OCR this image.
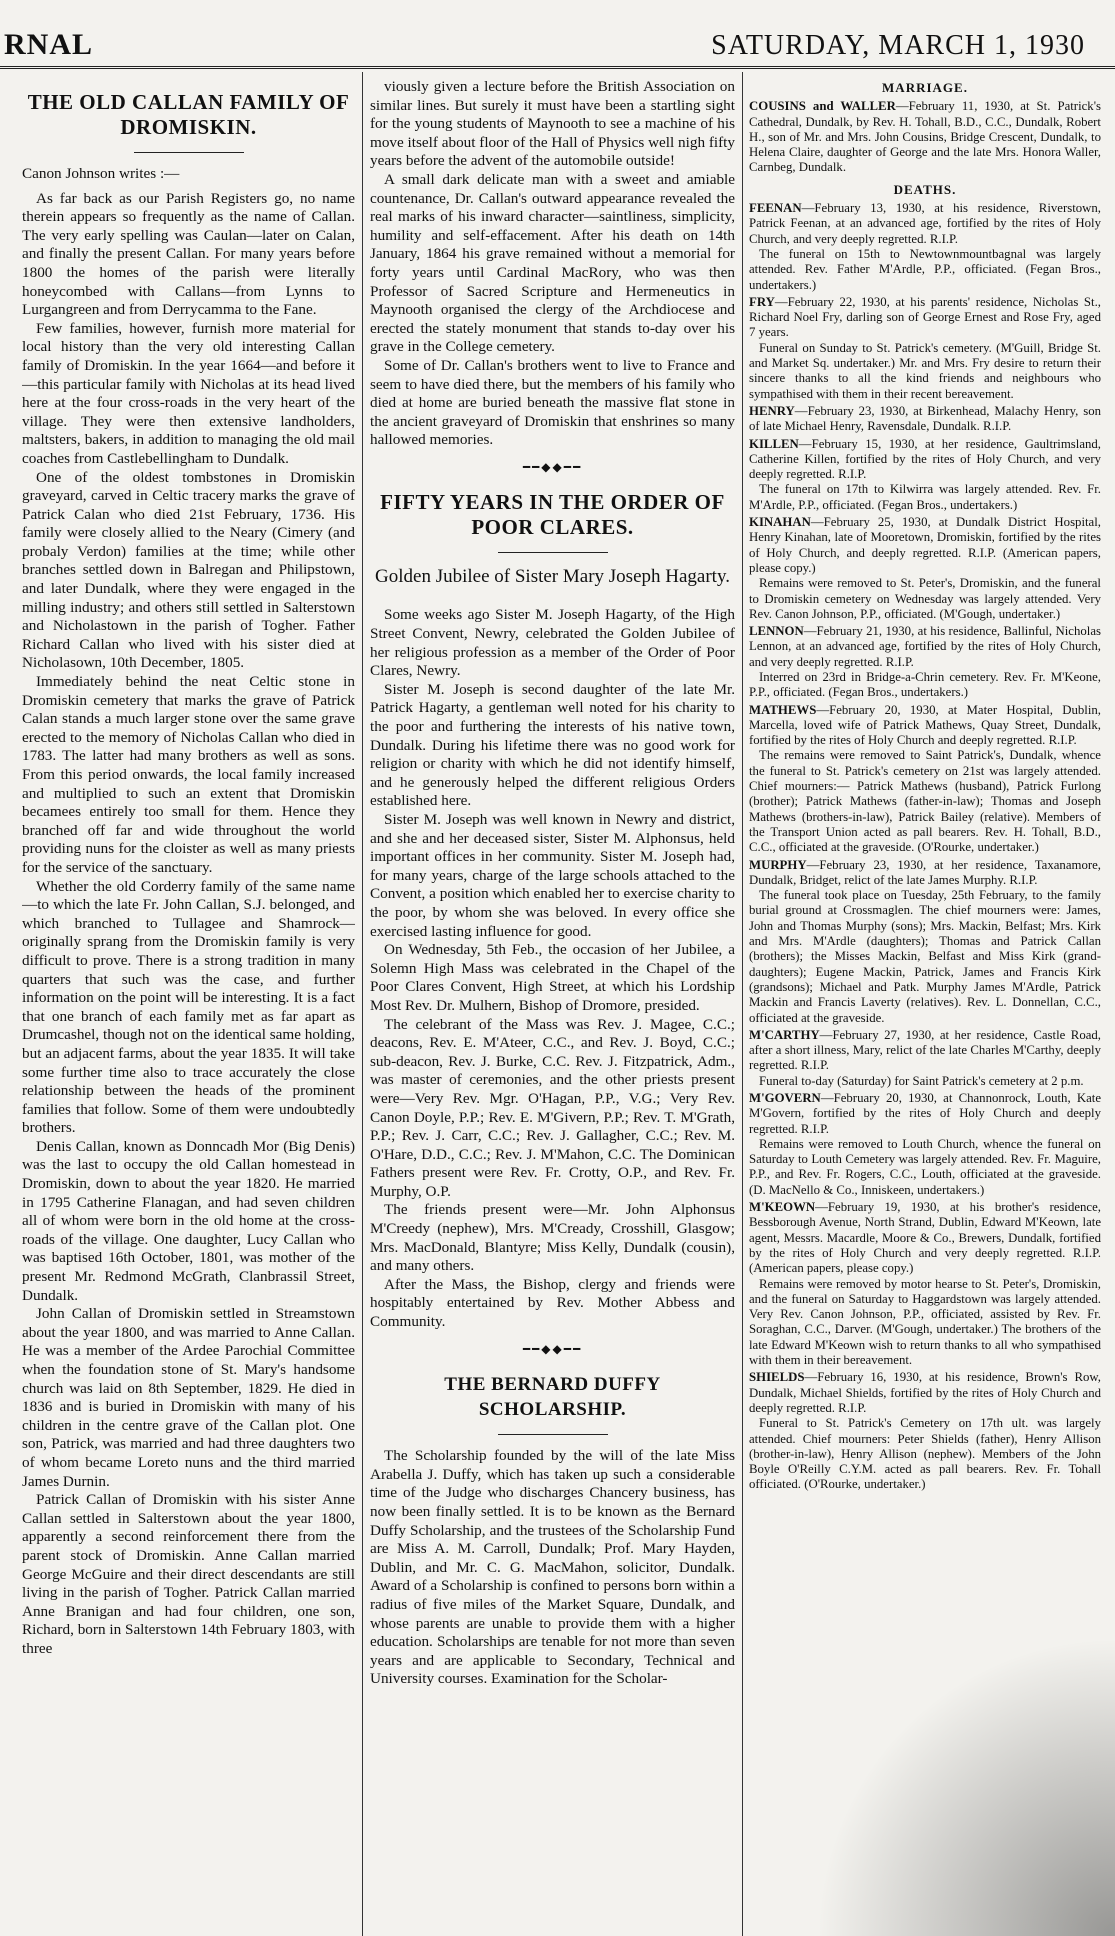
RNAL	SATURDAY, MARCH 1, 1930
THE OLD CALLAN FAMILY OF DROMISKIN.

Canon Johnson writes :—

As far back as our Parish Registers go, no name therein appears so frequently as the name of Callan. The very early spelling was Caulan—later on Calan, and finally the present Callan. For many years before 1800 the homes of the parish were literally honeycombed with Callans—from Lynns to Lurgangreen and from Derrycamma to the Fane.

Few families, however, furnish more material for local history than the very old interesting Callan family of Dromiskin. In the year 1664—and before it—this particular family with Nicholas at its head lived here at the four cross-roads in the very heart of the village. They were then extensive landholders, maltsters, bakers, in addition to managing the old mail coaches from Castlebellingham to Dundalk.

One of the oldest tombstones in Dromiskin graveyard, carved in Celtic tracery marks the grave of Patrick Calan who died 21st February, 1736. His family were closely allied to the Neary (Cimery (and probaly Verdon) families at the time; while other branches settled down in Balregan and Philipstown, and later Dundalk, where they were engaged in the milling industry; and others still settled in Salterstown and Nicholastown in the parish of Togher. Father Richard Callan who lived with his sister died at Nicholasown, 10th December, 1805.

Immediately behind the neat Celtic stone in Dromiskin cemetery that marks the grave of Patrick Calan stands a much larger stone over the same grave erected to the memory of Nicholas Callan who died in 1783. The latter had many brothers as well as sons. From this period onwards, the local family increased and multiplied to such an extent that Dromiskin becamees entirely too small for them. Hence they branched off far and wide throughout the world providing nuns for the cloister as well as many priests for the service of the sanctuary.

Whether the old Corderry family of the same name—to which the late Fr. John Callan, S.J. belonged, and which branched to Tullagee and Shamrock—originally sprang from the Dromiskin family is very difficult to prove. There is a strong tradition in many quarters that such was the case, and further information on the point will be interesting. It is a fact that one branch of each family met as far apart as Drumcashel, though not on the identical same holding, but an adjacent farms, about the year 1835. It will take some further time also to trace accurately the close relationship between the heads of the prominent families that follow. Some of them were undoubtedly brothers.

Denis Callan, known as Donncadh Mor (Big Denis) was the last to occupy the old Callan homestead in Dromiskin, down to about the year 1820. He married in 1795 Catherine Flanagan, and had seven children all of whom were born in the old home at the cross-roads of the village. One daughter, Lucy Callan who was baptised 16th October, 1801, was mother of the present Mr. Redmond McGrath, Clanbrassil Street, Dundalk.

John Callan of Dromiskin settled in Streamstown about the year 1800, and was married to Anne Callan. He was a member of the Ardee Parochial Committee when the foundation stone of St. Mary's handsome church was laid on 8th September, 1829. He died in 1836 and is buried in Dromiskin with many of his children in the centre grave of the Callan plot. One son, Patrick, was married and had three daughters two of whom became Loreto nuns and the third married James Durnin.

Patrick Callan of Dromiskin with his sister Anne Callan settled in Salterstown about the year 1800, apparently a second reinforcement there from the parent stock of Dromiskin. Anne Callan married George McGuire and their direct descendants are still living in the parish of Togher. Patrick Callan married Anne Branigan and had four children, one son, Richard, born in Salterstown 14th February 1803, with three

viously given a lecture before the British Association on similar lines. But surely it must have been a startling sight for the young students of Maynooth to see a machine of his move itself about floor of the Hall of Physics well nigh fifty years before the advent of the automobile outside!

A small dark delicate man with a sweet and amiable countenance, Dr. Callan's outward appearance revealed the real marks of his inward character—saintliness, simplicity, humility and self-effacement. After his death on 14th January, 1864 his grave remained without a memorial for forty years until Cardinal MacRory, who was then Professor of Sacred Scripture and Hermeneutics in Maynooth organised the clergy of the Archdiocese and erected the stately monument that stands to-day over his grave in the College cemetery.

Some of Dr. Callan's brothers went to live to France and seem to have died there, but the members of his family who died at home are buried beneath the massive flat stone in the ancient graveyard of Dromiskin that enshrines so many hallowed memories.

━━◆◆━━
FIFTY YEARS IN THE ORDER OF POOR CLARES.
Golden Jubilee of Sister Mary Joseph Hagarty.

Some weeks ago Sister M. Joseph Hagarty, of the High Street Convent, Newry, celebrated the Golden Jubilee of her religious profession as a member of the Order of Poor Clares, Newry.

Sister M. Joseph is second daughter of the late Mr. Patrick Hagarty, a gentleman well noted for his charity to the poor and furthering the interests of his native town, Dundalk. During his lifetime there was no good work for religion or charity with which he did not identify himself, and he generously helped the different religious Orders established here.

Sister M. Joseph was well known in Newry and district, and she and her deceased sister, Sister M. Alphonsus, held important offices in her community. Sister M. Joseph had, for many years, charge of the large schools attached to the Convent, a position which enabled her to exercise charity to the poor, by whom she was beloved. In every office she exercised lasting influence for good.

On Wednesday, 5th Feb., the occasion of her Jubilee, a Solemn High Mass was celebrated in the Chapel of the Poor Clares Convent, High Street, at which his Lordship Most Rev. Dr. Mulhern, Bishop of Dromore, presided.

The celebrant of the Mass was Rev. J. Magee, C.C.; deacons, Rev. E. M'Ateer, C.C., and Rev. J. Boyd, C.C.; sub-deacon, Rev. J. Burke, C.C. Rev. J. Fitzpatrick, Adm., was master of ceremonies, and the other priests present were—Very Rev. Mgr. O'Hagan, P.P., V.G.; Very Rev. Canon Doyle, P.P.; Rev. E. M'Givern, P.P.; Rev. T. M'Grath, P.P.; Rev. J. Carr, C.C.; Rev. J. Gallagher, C.C.; Rev. M. O'Hare, D.D., C.C.; Rev. J. M'Mahon, C.C. The Dominican Fathers present were Rev. Fr. Crotty, O.P., and Rev. Fr. Murphy, O.P.

The friends present were—Mr. John Alphonsus M'Creedy (nephew), Mrs. M'Cready, Crosshill, Glasgow; Mrs. MacDonald, Blantyre; Miss Kelly, Dundalk (cousin), and many others.

After the Mass, the Bishop, clergy and friends were hospitably entertained by Rev. Mother Abbess and Community.

━━◆◆━━
THE BERNARD DUFFY SCHOLARSHIP.

The Scholarship founded by the will of the late Miss Arabella J. Duffy, which has taken up such a considerable time of the Judge who discharges Chancery business, has now been finally settled. It is to be known as the Bernard Duffy Scholarship, and the trustees of the Scholarship Fund are Miss A. M. Carroll, Dundalk; Prof. Mary Hayden, Dublin, and Mr. C. G. MacMahon, solicitor, Dundalk. Award of a Scholarship is confined to persons born within a radius of five miles of the Market Square, Dundalk, and whose parents are unable to provide them with a higher education. Scholarships are tenable for not more than seven years and are applicable to Secondary, Technical and University courses. Examination for the Scholar-

MARRIAGE.
COUSINS and WALLER—February 11, 1930, at St. Patrick's Cathedral, Dundalk, by Rev. H. Tohall, B.D., C.C., Dundalk, Robert H., son of Mr. and Mrs. John Cousins, Bridge Crescent, Dundalk, to Helena Claire, daughter of George and the late Mrs. Honora Waller, Carnbeg, Dundalk.
DEATHS.
FEENAN—February 13, 1930, at his residence, Riverstown, Patrick Feenan, at an advanced age, fortified by the rites of Holy Church, and very deeply regretted. R.I.P.

The funeral on 15th to Newtownmountbagnal was largely attended. Rev. Father M'Ardle, P.P., officiated. (Fegan Bros., undertakers.)

FRY—February 22, 1930, at his parents' residence, Nicholas St., Richard Noel Fry, darling son of George Ernest and Rose Fry, aged 7 years.

Funeral on Sunday to St. Patrick's cemetery. (M'Guill, Bridge St. and Market Sq. undertaker.) Mr. and Mrs. Fry desire to return their sincere thanks to all the kind friends and neighbours who sympathised with them in their recent bereavement.

HENRY—February 23, 1930, at Birkenhead, Malachy Henry, son of late Michael Henry, Ravensdale, Dundalk. R.I.P.
KILLEN—February 15, 1930, at her residence, Gaultrimsland, Catherine Killen, fortified by the rites of Holy Church, and very deeply regretted. R.I.P.

The funeral on 17th to Kilwirra was largely attended. Rev. Fr. M'Ardle, P.P., officiated. (Fegan Bros., undertakers.)

KINAHAN—February 25, 1930, at Dundalk District Hospital, Henry Kinahan, late of Mooretown, Dromiskin, fortified by the rites of Holy Church, and deeply regretted. R.I.P. (American papers, please copy.)

Remains were removed to St. Peter's, Dromiskin, and the funeral to Dromiskin cemetery on Wednesday was largely attended. Very Rev. Canon Johnson, P.P., officiated. (M'Gough, undertaker.)

LENNON—February 21, 1930, at his residence, Ballinful, Nicholas Lennon, at an advanced age, fortified by the rites of Holy Church, and very deeply regretted. R.I.P.

Interred on 23rd in Bridge-a-Chrin cemetery. Rev. Fr. M'Keone, P.P., officiated. (Fegan Bros., undertakers.)

MATHEWS—February 20, 1930, at Mater Hospital, Dublin, Marcella, loved wife of Patrick Mathews, Quay Street, Dundalk, fortified by the rites of Holy Church and deeply regretted. R.I.P.

The remains were removed to Saint Patrick's, Dundalk, whence the funeral to St. Patrick's cemetery on 21st was largely attended. Chief mourners:— Patrick Mathews (husband), Patrick Furlong (brother); Patrick Mathews (father-in-law); Thomas and Joseph Mathews (brothers-in-law), Patrick Bailey (relative). Members of the Transport Union acted as pall bearers. Rev. H. Tohall, B.D., C.C., officiated at the graveside. (O'Rourke, undertaker.)

MURPHY—February 23, 1930, at her residence, Taxanamore, Dundalk, Bridget, relict of the late James Murphy. R.I.P.

The funeral took place on Tuesday, 25th February, to the family burial ground at Crossmaglen. The chief mourners were: James, John and Thomas Murphy (sons); Mrs. Mackin, Belfast; Mrs. Kirk and Mrs. M'Ardle (daughters); Thomas and Patrick Callan (brothers); the Misses Mackin, Belfast and Miss Kirk (grand-daughters); Eugene Mackin, Patrick, James and Francis Kirk (grandsons); Michael and Patk. Murphy James M'Ardle, Patrick Mackin and Francis Laverty (relatives). Rev. L. Donnellan, C.C., officiated at the graveside.

M'CARTHY—February 27, 1930, at her residence, Castle Road, after a short illness, Mary, relict of the late Charles M'Carthy, deeply regretted. R.I.P.

Funeral to-day (Saturday) for Saint Patrick's cemetery at 2 p.m.

M'GOVERN—February 20, 1930, at Channonrock, Louth, Kate M'Govern, fortified by the rites of Holy Church and deeply regretted. R.I.P.

Remains were removed to Louth Church, whence the funeral on Saturday to Louth Cemetery was largely attended. Rev. Fr. Maguire, P.P., and Rev. Fr. Rogers, C.C., Louth, officiated at the graveside. (D. MacNello & Co., Inniskeen, undertakers.)

M'KEOWN—February 19, 1930, at his brother's residence, Bessborough Avenue, North Strand, Dublin, Edward M'Keown, late agent, Messrs. Macardle, Moore & Co., Brewers, Dundalk, fortified by the rites of Holy Church and very deeply regretted. R.I.P. (American papers, please copy.)

Remains were removed by motor hearse to St. Peter's, Dromiskin, and the funeral on Saturday to Haggardstown was largely attended. Very Rev. Canon Johnson, P.P., officiated, assisted by Rev. Fr. Soraghan, C.C., Darver. (M'Gough, undertaker.) The brothers of the late Edward M'Keown wish to return thanks to all who sympathised with them in their bereavement.

SHIELDS—February 16, 1930, at his residence, Brown's Row, Dundalk, Michael Shields, fortified by the rites of Holy Church and deeply regretted. R.I.P.

Funeral to St. Patrick's Cemetery on 17th ult. was largely attended. Chief mourners: Peter Shields (father), Henry Allison (brother-in-law), Henry Allison (nephew). Members of the John Boyle O'Reilly C.Y.M. acted as pall bearers. Rev. Fr. Tohall officiated. (O'Rourke, undertaker.)
